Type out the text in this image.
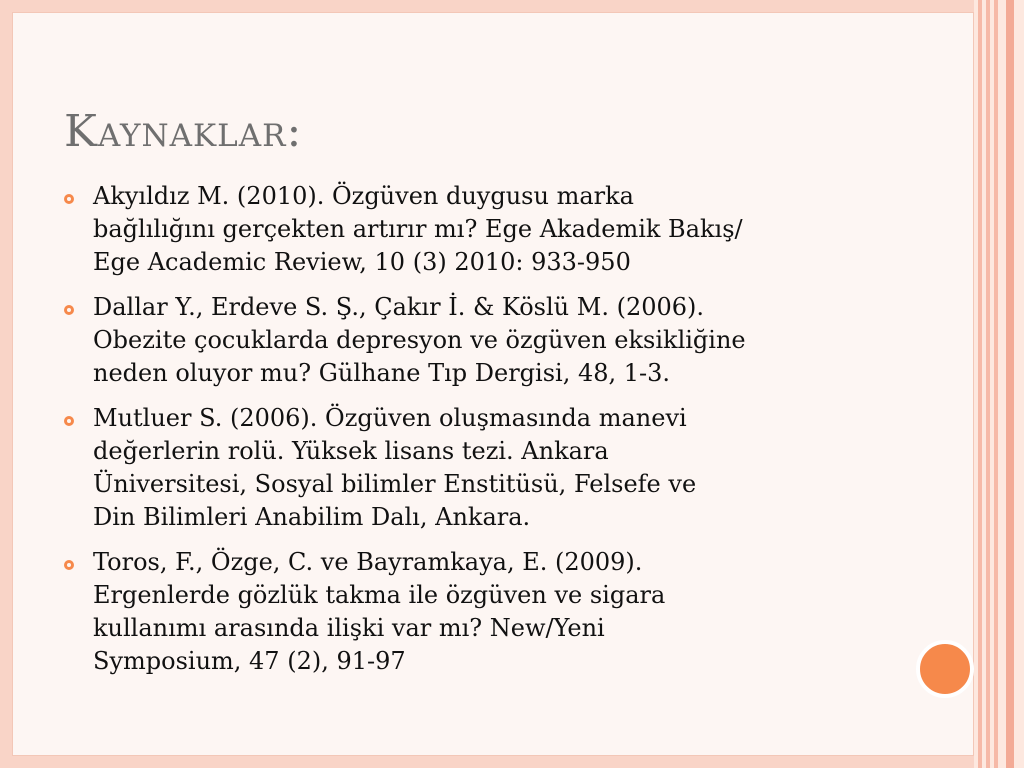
Kaynaklar:
Akyıldız M. (2010). Özgüven duygusu marka
bağlılığını gerçekten artırır mı? Ege Akademik Bakış/
Ege Academic Review, 10 (3) 2010: 933-950
Dallar Y., Erdeve S. Ş., Çakır İ. & Köslü M. (2006).
Obezite çocuklarda depresyon ve özgüven eksikliğine
neden oluyor mu? Gülhane Tıp Dergisi, 48, 1-3.
Mutluer S. (2006). Özgüven oluşmasında manevi
değerlerin rolü. Yüksek lisans tezi. Ankara
Üniversitesi, Sosyal bilimler Enstitüsü, Felsefe ve
Din Bilimleri Anabilim Dalı, Ankara.
Toros, F., Özge, C. ve Bayramkaya, E. (2009).
Ergenlerde gözlük takma ile özgüven ve sigara
kullanımı arasında ilişki var mı? New/Yeni
Symposium, 47 (2), 91-97
